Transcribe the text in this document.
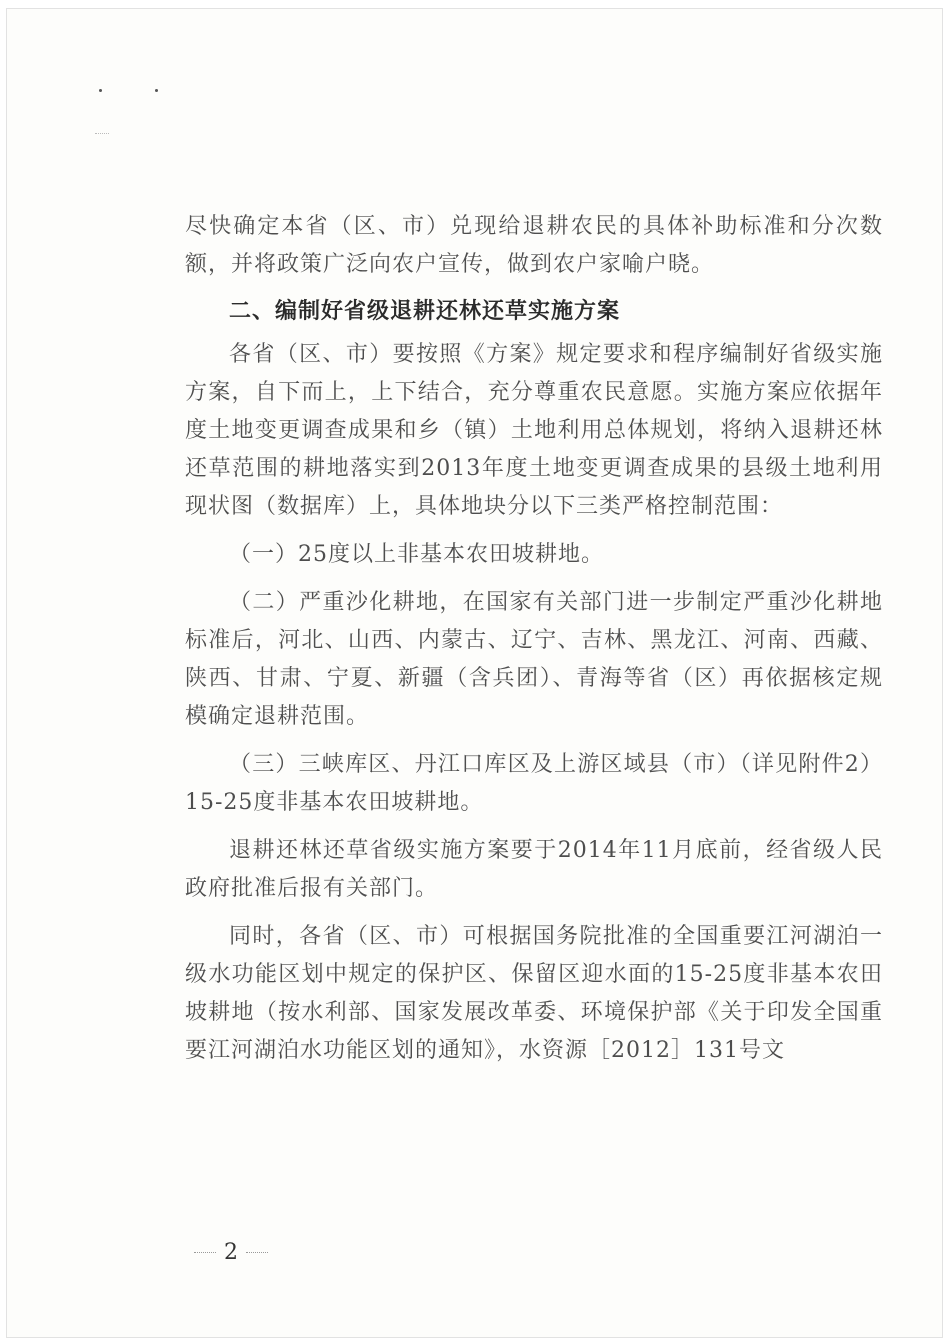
尽快确定本省（区、市）兑现给退耕农民的具体补助标准和分次数额，并将政策广泛向农户宣传，做到农户家喻户晓。

二、编制好省级退耕还林还草实施方案

各省（区、市）要按照《方案》规定要求和程序编制好省级实施方案，自下而上，上下结合，充分尊重农民意愿。实施方案应依据年度土地变更调查成果和乡（镇）土地利用总体规划，将纳入退耕还林还草范围的耕地落实到2013年度土地变更调查成果的县级土地利用现状图（数据库）上，具体地块分以下三类严格控制范围：

（一）25度以上非基本农田坡耕地。

（二）严重沙化耕地，在国家有关部门进一步制定严重沙化耕地标准后，河北、山西、内蒙古、辽宁、吉林、黑龙江、河南、西藏、陕西、甘肃、宁夏、新疆（含兵团）、青海等省（区）再依据核定规模确定退耕范围。

（三）三峡库区、丹江口库区及上游区域县（市）（详见附件2）15-25度非基本农田坡耕地。

退耕还林还草省级实施方案要于2014年11月底前，经省级人民政府批准后报有关部门。

同时，各省（区、市）可根据国务院批准的全国重要江河湖泊一级水功能区划中规定的保护区、保留区迎水面的15-25度非基本农田坡耕地（按水利部、国家发展改革委、环境保护部《关于印发全国重要江河湖泊水功能区划的通知》，水资源［2012］131号文

2
